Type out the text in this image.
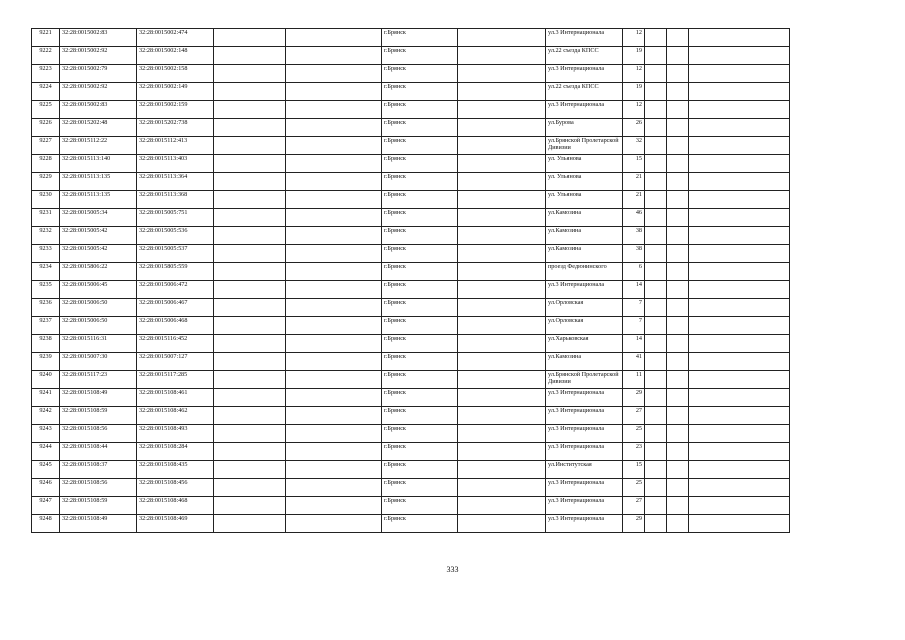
9221	32:28:0015002:83	32:28:0015002:474			г.Брянск		ул.3 Интернационала	12			
9222	32:28:0015002:92	32:28:0015002:148			г.Брянск		ул.22 съезда КПСС	19			
9223	32:28:0015002:79	32:28:0015002:158			г.Брянск		ул.3 Интернационала	12			
9224	32:28:0015002:92	32:28:0015002:149			г.Брянск		ул.22 съезда КПСС	19			
9225	32:28:0015002:83	32:28:0015002:159			г.Брянск		ул.3 Интернационала	12			
9226	32:28:0015202:48	32:28:0015202:738			г.Брянск		ул.Бурова	26			
9227	32:28:0015112:22	32:28:0015112:413			г.Брянск		ул.Брянской Пролетарской Дивизии	32			
9228	32:28:0015113:140	32:28:0015113:403			г.Брянск		ул. Ульянова	15			
9229	32:28:0015113:135	32:28:0015113:364			г.Брянск		ул. Ульянова	21			
9230	32:28:0015113:135	32:28:0015113:368			г.Брянск		ул. Ульянова	21			
9231	32:28:0015005:34	32:28:0015005:751			г.Брянск		ул.Камозина	46			
9232	32:28:0015005:42	32:28:0015005:536			г.Брянск		ул.Камозина	38			
9233	32:28:0015005:42	32:28:0015005:537			г.Брянск		ул.Камозина	38			
9234	32:28:0015806:22	32:28:0015805:559			г.Брянск		проезд Федюнинского	6			
9235	32:28:0015006:45	32:28:0015006:472			г.Брянск		ул.3 Интернационала	14			
9236	32:28:0015006:50	32:28:0015006:467			г.Брянск		ул.Орловская	7			
9237	32:28:0015006:50	32:28:0015006:468			г.Брянск		ул.Орловская	7			
9238	32:28:0015116:31	32:28:0015116:452			г.Брянск		ул.Харьковская	14			
9239	32:28:0015007:30	32:28:0015007:127			г.Брянск		ул.Камозина	41			
9240	32:28:0015117:23	32:28:0015117:285			г.Брянск		ул.Брянской Пролетарской Дивизии	11			
9241	32:28:0015108:49	32:28:0015108:461			г.Брянск		ул.3 Интернационала	29			
9242	32:28:0015108:59	32:28:0015108:462			г.Брянск		ул.3 Интернационала	27			
9243	32:28:0015108:56	32:28:0015108:493			г.Брянск		ул.3 Интернационала	25			
9244	32:28:0015108:44	32:28:0015108:284			г.Брянск		ул.3 Интернационала	23			
9245	32:28:0015108:37	32:28:0015108:435			г.Брянск		ул.Институтская	15			
9246	32:28:0015108:56	32:28:0015108:456			г.Брянск		ул.3 Интернационала	25			
9247	32:28:0015108:59	32:28:0015108:468			г.Брянск		ул.3 Интернационала	27			
9248	32:28:0015108:49	32:28:0015108:469			г.Брянск		ул.3 Интернационала	29			
333
